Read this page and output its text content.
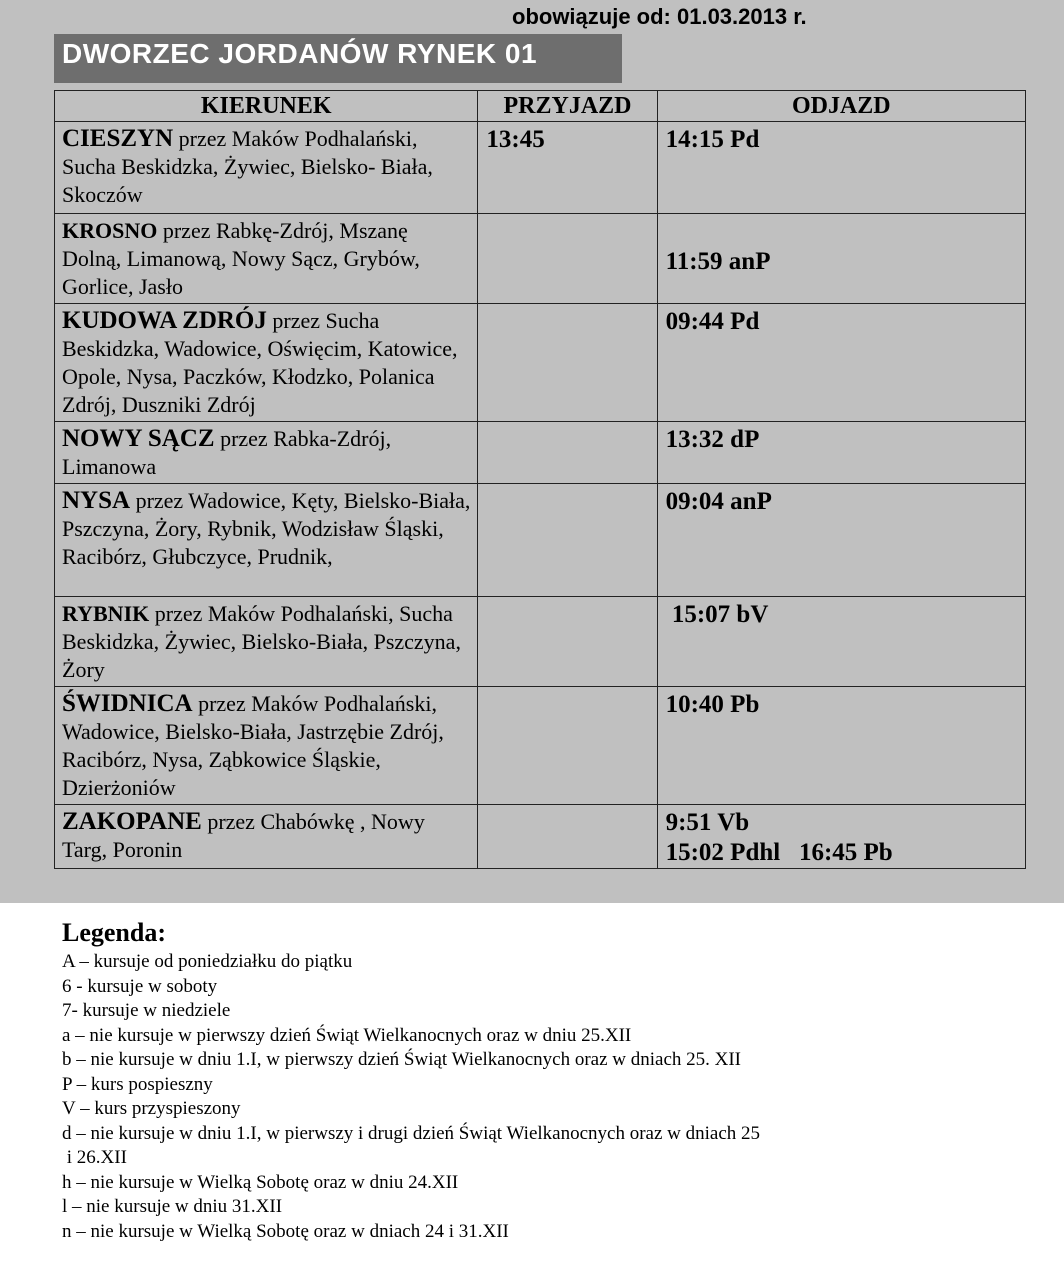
obowiązuje od: 01.03.2013 r.
DWORZEC JORDANÓW RYNEK 01
KIERUNEK	PRZYJAZD	ODJAZD
CIESZYN przez Maków Podhalański, Sucha Beskidzka, Żywiec, Bielsko- Biała, Skoczów	13:45	14:15 Pd

KROSNO przez Rabkę-Zdrój, Mszanę Dolną, Limanową, Nowy Sącz, Grybów, Gorlice, Jasło		11:59 anP

KUDOWA ZDRÓJ przez Sucha Beskidzka, Wadowice, Oświęcim, Katowice, Opole, Nysa, Paczków, Kłodzko, Polanica Zdrój, Duszniki Zdrój		09:44 Pd

NOWY SĄCZ przez Rabka-Zdrój, Limanowa		13:32 dP

NYSA przez Wadowice, Kęty, Bielsko-Biała, Pszczyna, Żory, Rybnik, Wodzisław Śląski, Racibórz, Głubczyce, Prudnik,		09:04 anP

RYBNIK przez Maków Podhalański, Sucha Beskidzka, Żywiec, Bielsko-Biała, Pszczyna, Żory		15:07 bV

ŚWIDNICA przez Maków Podhalański, Wadowice, Bielsko-Biała, Jastrzębie Zdrój, Racibórz, Nysa, Ząbkowice Śląskie, Dzierżoniów		10:40 Pb

ZAKOPANE przez Chabówkę , Nowy Targ, Poronin		9:51 Vb
15:02 Pdhl   16:45 Pb

Legenda:

A – kursuje od poniedziałku do piątku

6 - kursuje w soboty

7- kursuje w niedziele

a – nie kursuje w pierwszy dzień Świąt Wielkanocnych oraz w dniu 25.XII

b – nie kursuje w dniu 1.I, w pierwszy dzień Świąt Wielkanocnych oraz w dniach 25. XII

P – kurs pospieszny

V – kurs przyspieszony

d – nie kursuje w dniu 1.I, w pierwszy i drugi dzień Świąt Wielkanocnych oraz w dniach 25

i 26.XII

h – nie kursuje w Wielką Sobotę oraz w dniu 24.XII

l – nie kursuje w dniu 31.XII

n – nie kursuje w Wielką Sobotę oraz w dniach 24 i 31.XII
